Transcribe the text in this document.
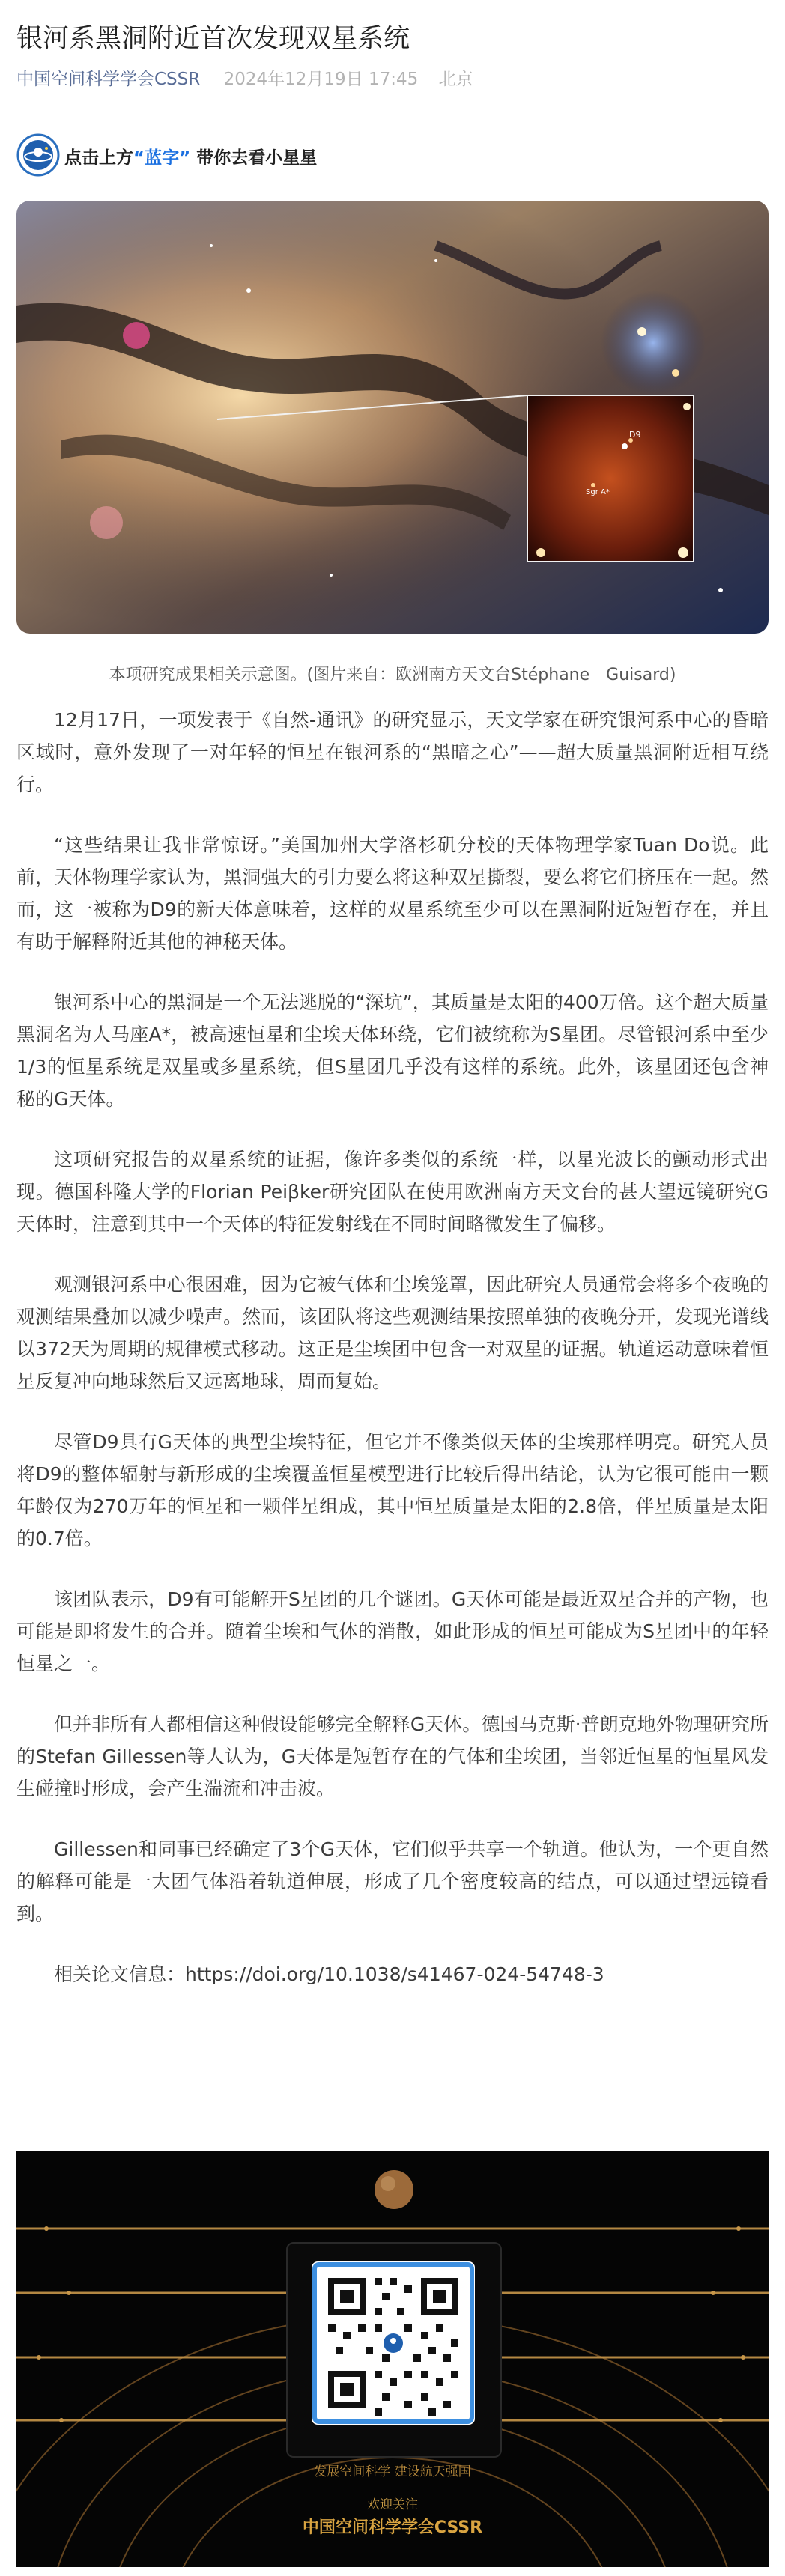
银河系黑洞附近首次发现双星系统
中国空间科学学会CSSR 2024年12月19日 17:45 北京
点击上方“蓝字” 带你去看小星星
D9
Sgr A*
本项研究成果相关示意图。(图片来自：欧洲南方天文台Stéphane　Guisard)

12月17日，一项发表于《自然-通讯》的研究显示，天文学家在研究银河系中心的昏暗区域时，意外发现了一对年轻的恒星在银河系的“黑暗之心”——超大质量黑洞附近相互绕行。

“这些结果让我非常惊讶。”美国加州大学洛杉矶分校的天体物理学家Tuan Do说。此前，天体物理学家认为，黑洞强大的引力要么将这种双星撕裂，要么将它们挤压在一起。然而，这一被称为D9的新天体意味着，这样的双星系统至少可以在黑洞附近短暂存在，并且有助于解释附近其他的神秘天体。

银河系中心的黑洞是一个无法逃脱的“深坑”，其质量是太阳的400万倍。这个超大质量黑洞名为人马座A*，被高速恒星和尘埃天体环绕，它们被统称为S星团。尽管银河系中至少1/3的恒星系统是双星或多星系统，但S星团几乎没有这样的系统。此外，该星团还包含神秘的G天体。

这项研究报告的双星系统的证据，像许多类似的系统一样，以星光波长的颤动形式出现。德国科隆大学的Florian Peiβker研究团队在使用欧洲南方天文台的甚大望远镜研究G天体时，注意到其中一个天体的特征发射线在不同时间略微发生了偏移。

观测银河系中心很困难，因为它被气体和尘埃笼罩，因此研究人员通常会将多个夜晚的观测结果叠加以减少噪声。然而，该团队将这些观测结果按照单独的夜晚分开，发现光谱线以372天为周期的规律模式移动。这正是尘埃团中包含一对双星的证据。轨道运动意味着恒星反复冲向地球然后又远离地球，周而复始。

尽管D9具有G天体的典型尘埃特征，但它并不像类似天体的尘埃那样明亮。研究人员将D9的整体辐射与新形成的尘埃覆盖恒星模型进行比较后得出结论，认为它很可能由一颗年龄仅为270万年的恒星和一颗伴星组成，其中恒星质量是太阳的2.8倍，伴星质量是太阳的0.7倍。

该团队表示，D9有可能解开S星团的几个谜团。G天体可能是最近双星合并的产物，也可能是即将发生的合并。随着尘埃和气体的消散，如此形成的恒星可能成为S星团中的年轻恒星之一。

但并非所有人都相信这种假设能够完全解释G天体。德国马克斯·普朗克地外物理研究所的Stefan Gillessen等人认为，G天体是短暂存在的气体和尘埃团，当邻近恒星的恒星风发生碰撞时形成，会产生湍流和冲击波。

Gillessen和同事已经确定了3个G天体，它们似乎共享一个轨道。他认为，一个更自然的解释可能是一大团气体沿着轨道伸展，形成了几个密度较高的结点，可以通过望远镜看到。

相关论文信息：https://doi.org/10.1038/s41467-024-54748-3

发展空间科学 建设航天强国
欢迎关注
中国空间科学学会CSSR
